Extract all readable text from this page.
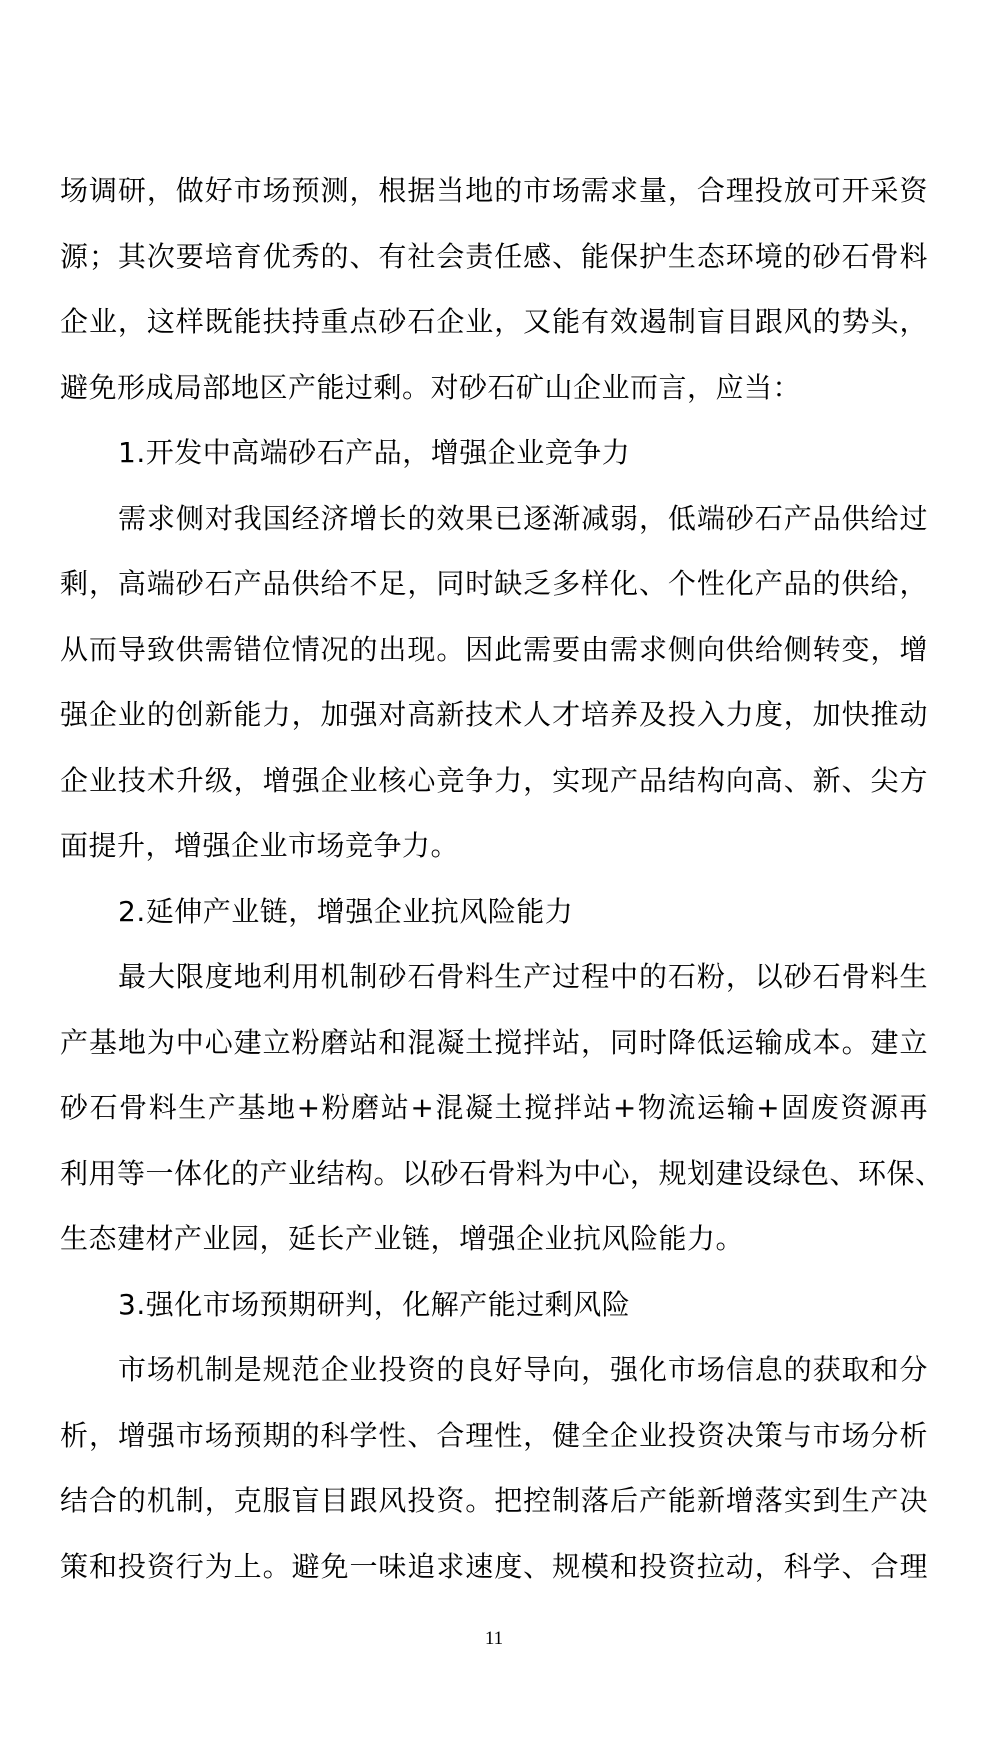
场调研，做好市场预测，根据当地的市场需求量，合理投放可开采资
源；其次要培育优秀的、有社会责任感、能保护生态环境的砂石骨料
企业，这样既能扶持重点砂石企业，又能有效遏制盲目跟风的势头，
避免形成局部地区产能过剩。对砂石矿山企业而言，应当：
1.开发中高端砂石产品，增强企业竞争力
需求侧对我国经济增长的效果已逐渐减弱，低端砂石产品供给过
剩，高端砂石产品供给不足，同时缺乏多样化、个性化产品的供给，
从而导致供需错位情况的出现。因此需要由需求侧向供给侧转变，增
强企业的创新能力，加强对高新技术人才培养及投入力度，加快推动
企业技术升级，增强企业核心竞争力，实现产品结构向高、新、尖方
面提升，增强企业市场竞争力。
2.延伸产业链，增强企业抗风险能力
最大限度地利用机制砂石骨料生产过程中的石粉，以砂石骨料生
产基地为中心建立粉磨站和混凝土搅拌站，同时降低运输成本。建立
砂石骨料生产基地+粉磨站+混凝土搅拌站+物流运输+固废资源再
利用等一体化的产业结构。以砂石骨料为中心，规划建设绿色、环保、
生态建材产业园，延长产业链，增强企业抗风险能力。
3.强化市场预期研判，化解产能过剩风险
市场机制是规范企业投资的良好导向，强化市场信息的获取和分
析，增强市场预期的科学性、合理性，健全企业投资决策与市场分析
结合的机制，克服盲目跟风投资。把控制落后产能新增落实到生产决
策和投资行为上。避免一味追求速度、规模和投资拉动，科学、合理
11
